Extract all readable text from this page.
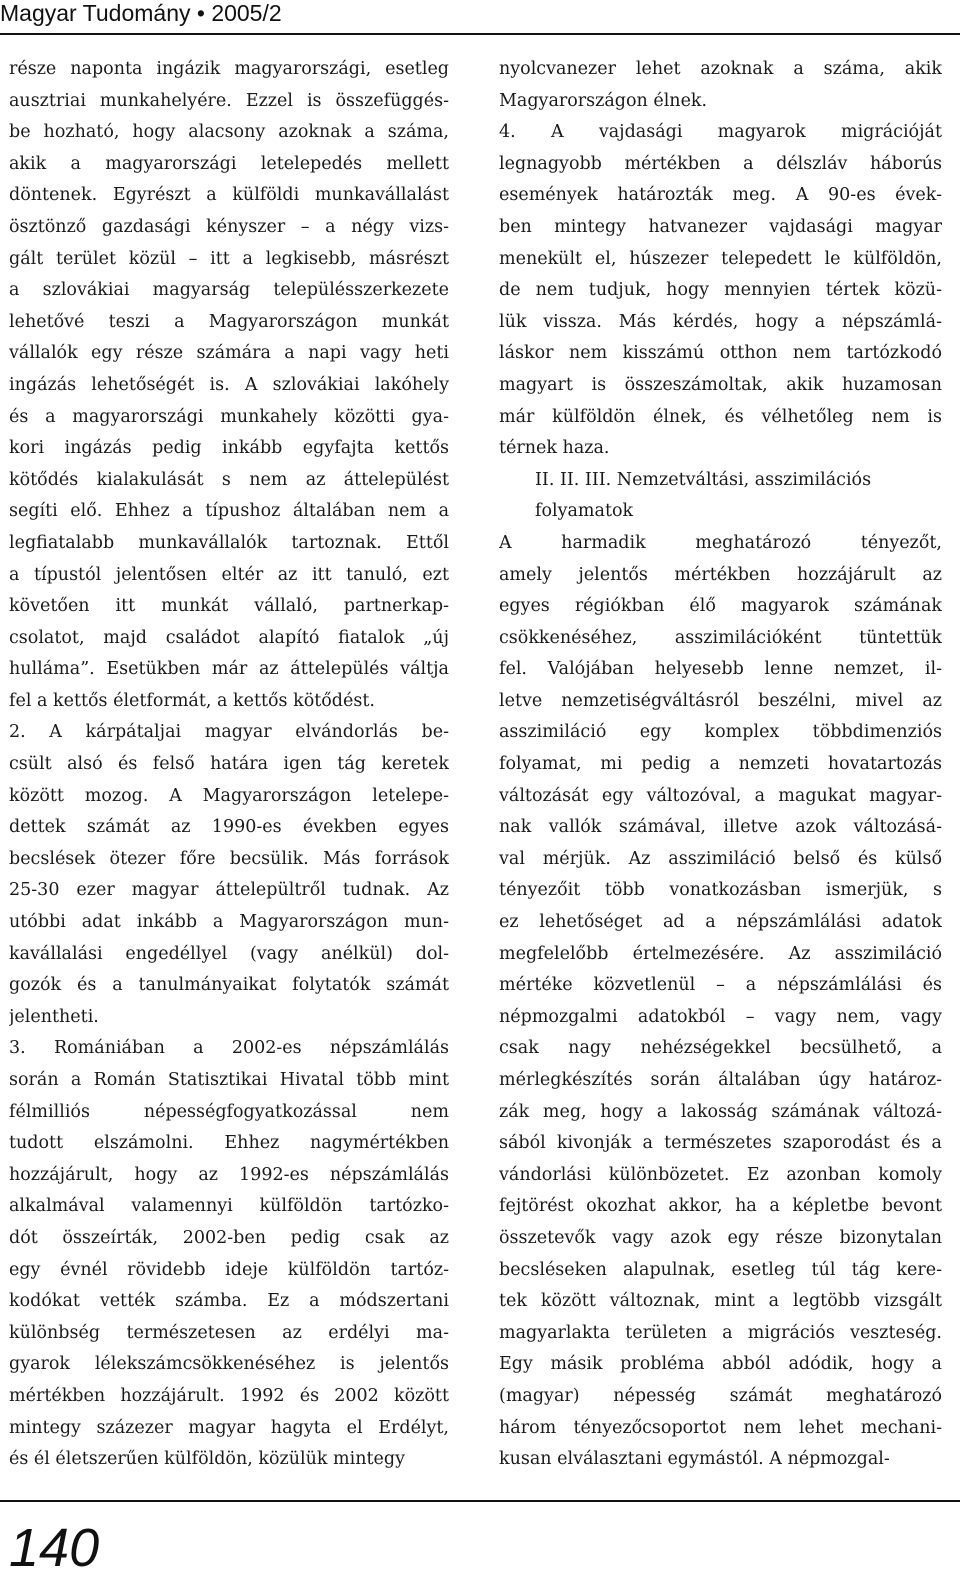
Magyar Tudomány • 2005/2
része naponta ingázik magyarországi, esetleg
ausztriai munkahelyére. Ezzel is összefüggés-
be hozható, hogy alacsony azoknak a száma,
akik a magyarországi letelepedés mellett
döntenek. Egyrészt a külföldi munkavállalást
ösztönző gazdasági kényszer – a négy vizs-
gált terület közül – itt a legkisebb, másrészt
a szlovákiai magyarság településszerkezete
lehetővé teszi a Magyarországon munkát
vállalók egy része számára a napi vagy heti
ingázás lehetőségét is. A szlovákiai lakóhely
és a magyarországi munkahely közötti gya-
kori ingázás pedig inkább egyfajta kettős
kötődés kialakulását s nem az áttelepülést
segíti elő. Ehhez a típushoz általában nem a
legfiatalabb munkavállalók tartoznak. Ettől
a típustól jelentősen eltér az itt tanuló, ezt
követően itt munkát vállaló, partnerkap-
csolatot, majd családot alapító fiatalok „új
hulláma”. Esetükben már az áttelepülés váltja
fel a kettős életformát, a kettős kötődést.
2. A kárpátaljai magyar elvándorlás be-
csült alsó és felső határa igen tág keretek
között mozog. A Magyarországon letelepe-
dettek számát az 1990-es években egyes
becslések ötezer főre becsülik. Más források
25-30 ezer magyar áttelepültről tudnak. Az
utóbbi adat inkább a Magyarországon mun-
kavállalási engedéllyel (vagy anélkül) dol-
gozók és a tanulmányaikat folytatók számát
jelentheti.
3. Romániában a 2002-es népszámlálás
során a Román Statisztikai Hivatal több mint
félmilliós népességfogyatkozással nem
tudott elszámolni. Ehhez nagymértékben
hozzájárult, hogy az 1992-es népszámlálás
alkalmával valamennyi külföldön tartózko-
dót összeírták, 2002-ben pedig csak az
egy évnél rövidebb ideje külföldön tartóz-
kodókat vették számba. Ez a módszertani
különbség természetesen az erdélyi ma-
gyarok lélekszámcsökkenéséhez is jelentős
mértékben hozzájárult. 1992 és 2002 között
mintegy százezer magyar hagyta el Erdélyt,
és él életszerűen külföldön, közülük mintegy
nyolcvanezer lehet azoknak a száma, akik
Magyarországon élnek.
4. A vajdasági magyarok migrációját
legnagyobb mértékben a délszláv háborús
események határozták meg. A 90-es évek-
ben mintegy hatvanezer vajdasági magyar
menekült el, húszezer telepedett le külföldön,
de nem tudjuk, hogy mennyien tértek közü-
lük vissza. Más kérdés, hogy a népszámlá-
láskor nem kisszámú otthon nem tartózkodó
magyart is összeszámoltak, akik huzamosan
már külföldön élnek, és vélhetőleg nem is
térnek haza.
II. II. III. Nemzetváltási, asszimilációs
folyamatok
A harmadik meghatározó tényezőt,
amely jelentős mértékben hozzájárult az
egyes régiókban élő magyarok számának
csökkenéséhez, asszimilációként tüntettük
fel. Valójában helyesebb lenne nemzet, il-
letve nemzetiségváltásról beszélni, mivel az
asszimiláció egy komplex többdimenziós
folyamat, mi pedig a nemzeti hovatartozás
változását egy változóval, a magukat magyar-
nak vallók számával, illetve azok változásá-
val mérjük. Az asszimiláció belső és külső
tényezőit több vonatkozásban ismerjük, s
ez lehetőséget ad a népszámlálási adatok
megfelelőbb értelmezésére. Az asszimiláció
mértéke közvetlenül – a népszámlálási és
népmozgalmi adatokból – vagy nem, vagy
csak nagy nehézségekkel becsülhető, a
mérlegkészítés során általában úgy határoz-
zák meg, hogy a lakosság számának változá-
sából kivonják a természetes szaporodást és a
vándorlási különbözetet. Ez azonban komoly
fejtörést okozhat akkor, ha a képletbe bevont
összetevők vagy azok egy része bizonytalan
becsléseken alapulnak, esetleg túl tág kere-
tek között változnak, mint a legtöbb vizsgált
magyarlakta területen a migrációs veszteség.
Egy másik probléma abból adódik, hogy a
(magyar) népesség számát meghatározó
három tényezőcsoportot nem lehet mechani-
kusan elválasztani egymástól. A népmozgal-
140
